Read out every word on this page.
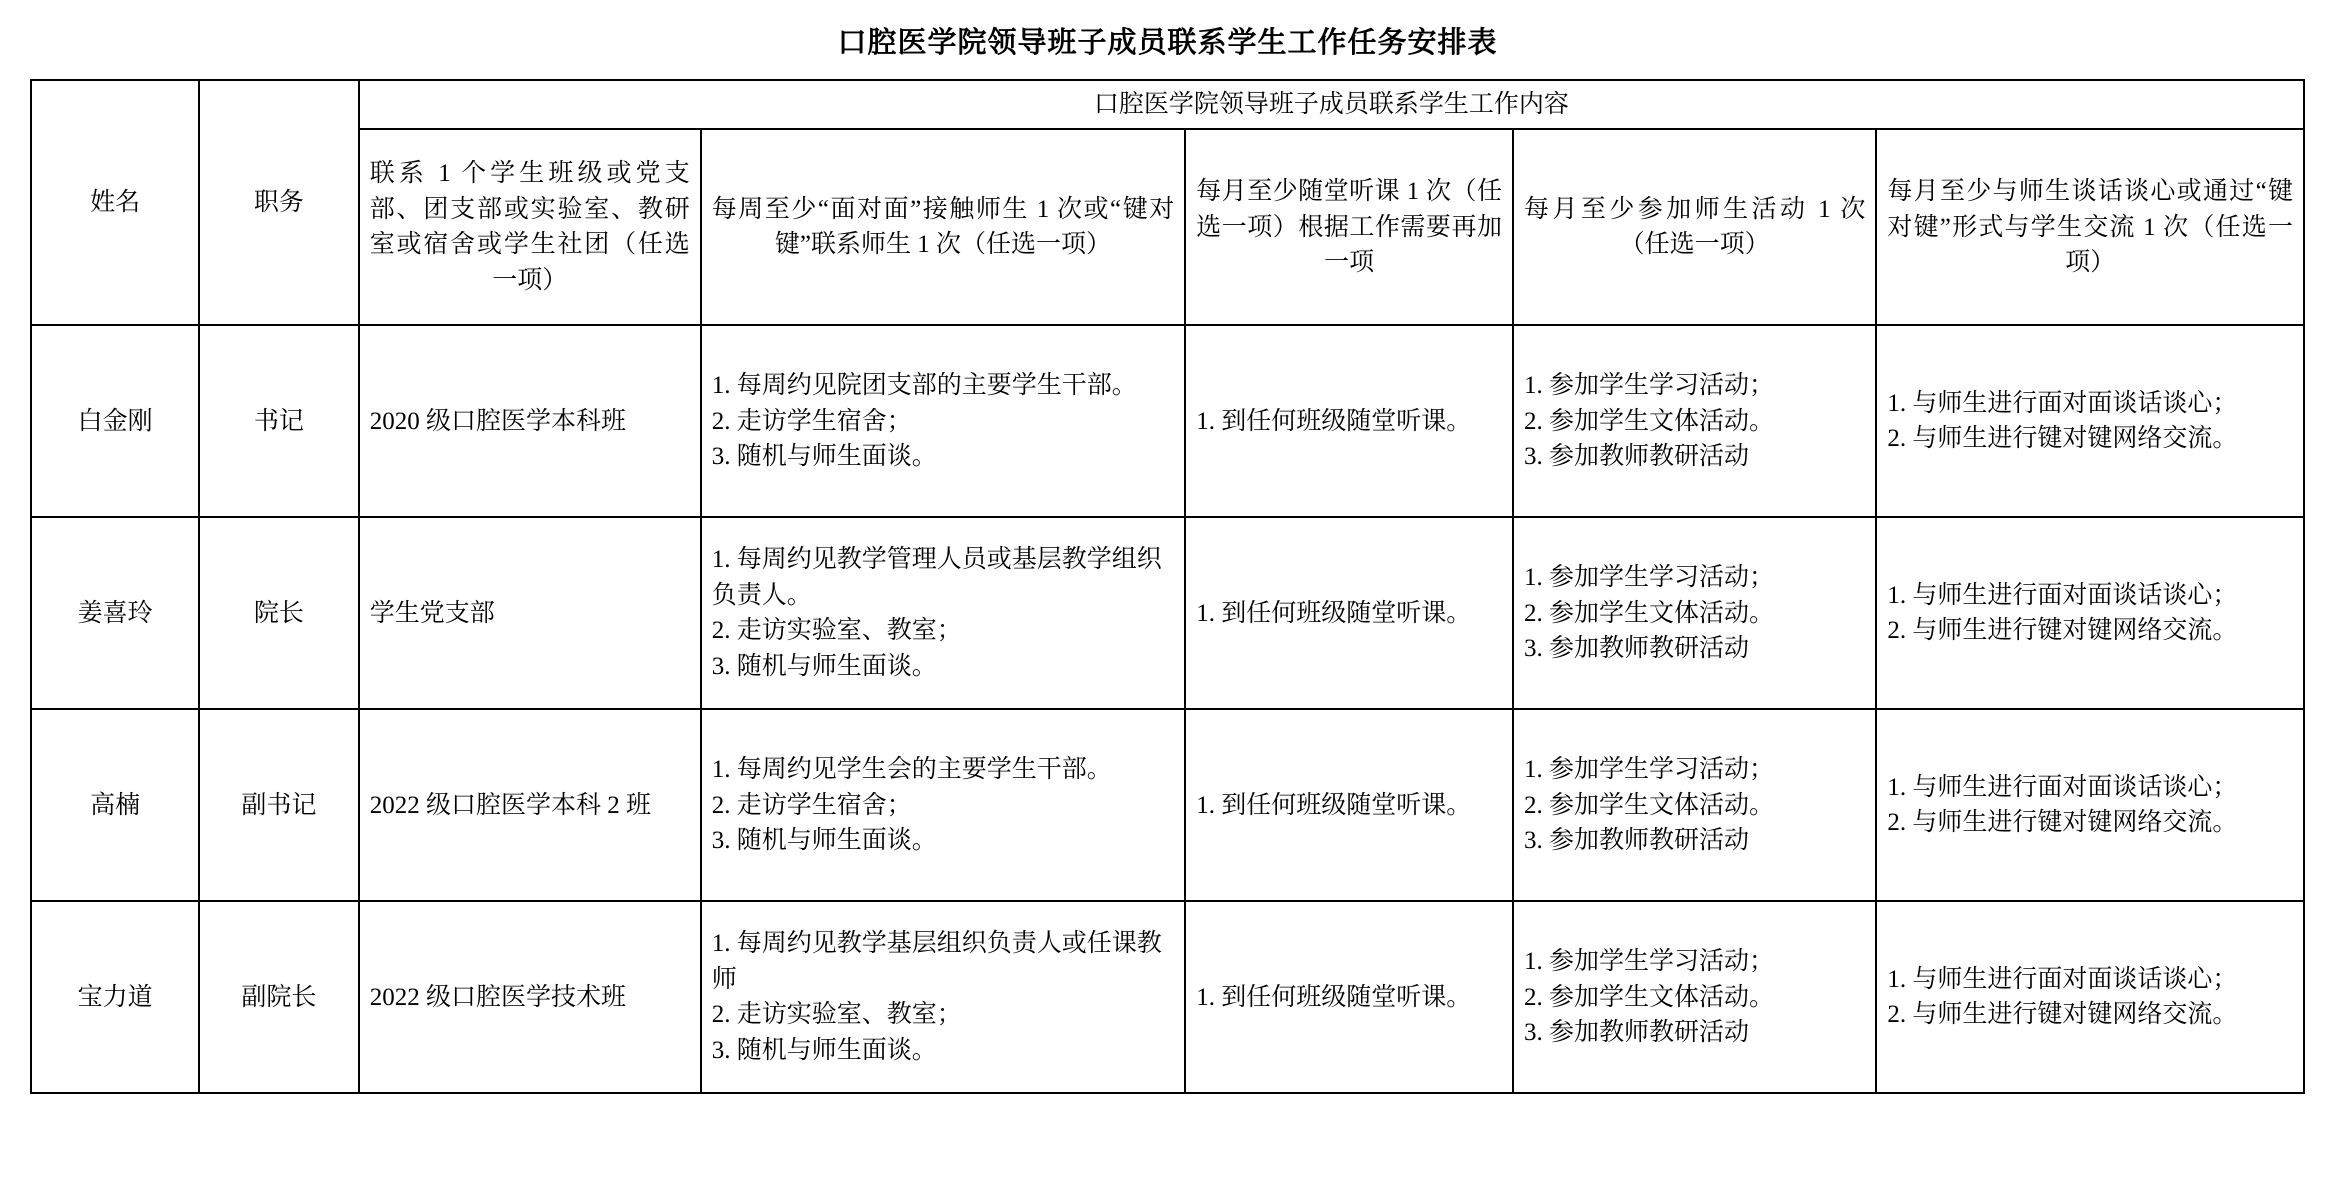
口腔医学院领导班子成员联系学生工作任务安排表
姓名	职务	口腔医学院领导班子成员联系学生工作内容				
		联系 1 个学生班级或党支部、团支部或实验室、教研室或宿舍或学生社团（任选一项）	每周至少“面对面”接触师生 1 次或“键对键”联系师生 1 次（任选一项）	每月至少随堂听课 1 次（任选一项）根据工作需要再加一项	每月至少参加师生活动 1 次（任选一项）	每月至少与师生谈话谈心或通过“键对键”形式与学生交流 1 次（任选一项）
白金刚	书记	2020 级口腔医学本科班	1. 每周约见院团支部的主要学生干部。
2. 走访学生宿舍；
3. 随机与师生面谈。	1. 到任何班级随堂听课。	1. 参加学生学习活动；
2. 参加学生文体活动。
3. 参加教师教研活动	1. 与师生进行面对面谈话谈心；
2. 与师生进行键对键网络交流。

姜喜玲	院长	学生党支部	1. 每周约见教学管理人员或基层教学组织负责人。
2. 走访实验室、教室；
3. 随机与师生面谈。	1. 到任何班级随堂听课。	1. 参加学生学习活动；
2. 参加学生文体活动。
3. 参加教师教研活动	1. 与师生进行面对面谈话谈心；
2. 与师生进行键对键网络交流。

高楠	副书记	2022 级口腔医学本科 2 班	1. 每周约见学生会的主要学生干部。
2. 走访学生宿舍；
3. 随机与师生面谈。	1. 到任何班级随堂听课。	1. 参加学生学习活动；
2. 参加学生文体活动。
3. 参加教师教研活动	1. 与师生进行面对面谈话谈心；
2. 与师生进行键对键网络交流。

宝力道	副院长	2022 级口腔医学技术班	1. 每周约见教学基层组织负责人或任课教师
2. 走访实验室、教室；
3. 随机与师生面谈。	1. 到任何班级随堂听课。	1. 参加学生学习活动；
2. 参加学生文体活动。
3. 参加教师教研活动	1. 与师生进行面对面谈话谈心；
2. 与师生进行键对键网络交流。
